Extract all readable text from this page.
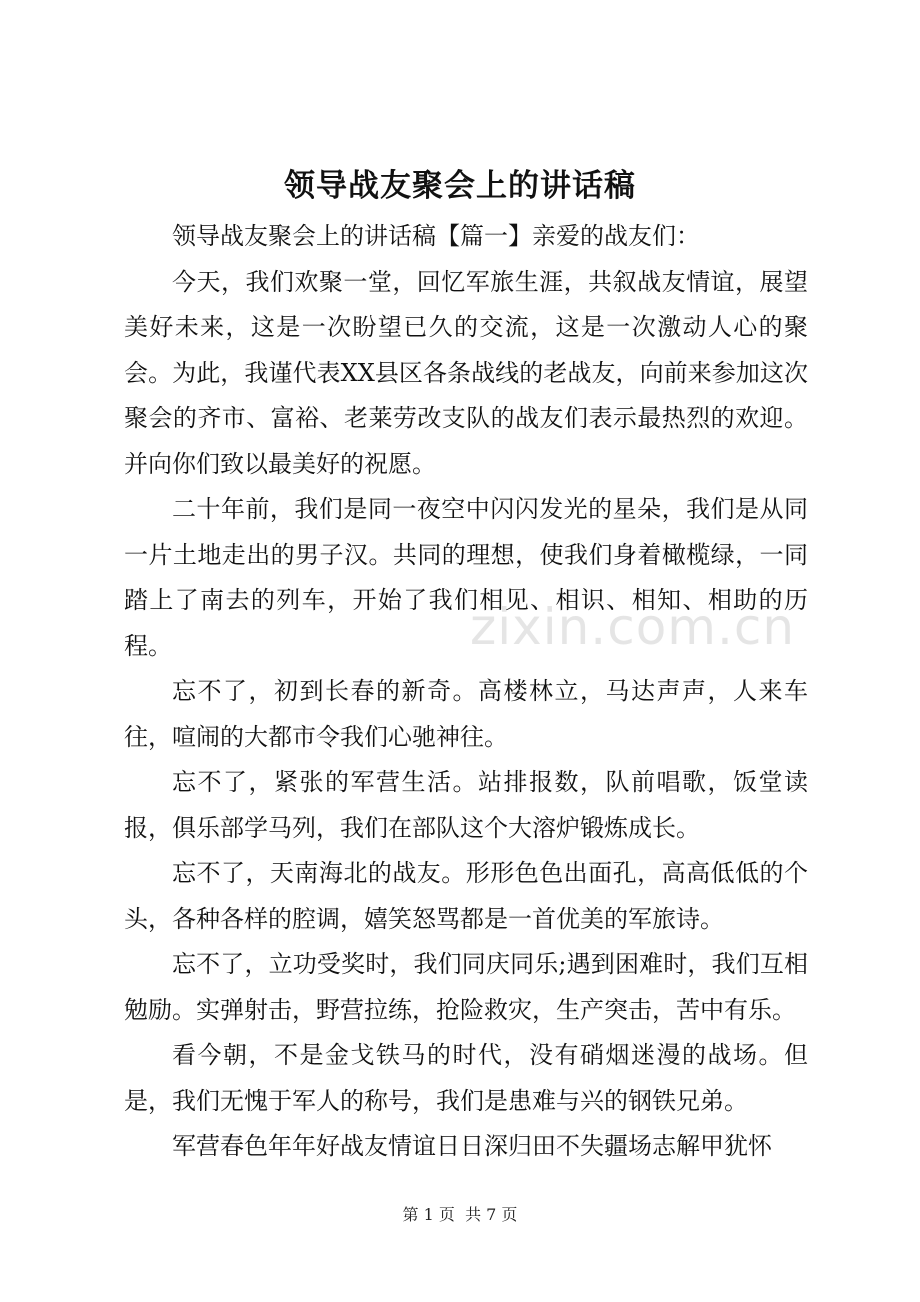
领导战友聚会上的讲话稿

领导战友聚会上的讲话稿【篇一】亲爱的战友们：

今天，我们欢聚一堂，回忆军旅生涯，共叙战友情谊，展望美好未来，这是一次盼望已久的交流，这是一次激动人心的聚会。为此，我谨代表XX县区各条战线的老战友，向前来参加这次聚会的齐市、富裕、老莱劳改支队的战友们表示最热烈的欢迎。并向你们致以最美好的祝愿。

二十年前，我们是同一夜空中闪闪发光的星朵，我们是从同一片土地走出的男子汉。共同的理想，使我们身着橄榄绿，一同踏上了南去的列车，开始了我们相见、相识、相知、相助的历程。

忘不了，初到长春的新奇。高楼林立，马达声声，人来车往，喧闹的大都市令我们心驰神往。

忘不了，紧张的军营生活。站排报数，队前唱歌，饭堂读报，俱乐部学马列，我们在部队这个大溶炉锻炼成长。

忘不了，天南海北的战友。形形色色出面孔，高高低低的个头，各种各样的腔调，嬉笑怒骂都是一首优美的军旅诗。

忘不了，立功受奖时，我们同庆同乐;遇到困难时，我们互相勉励。实弹射击，野营拉练，抢险救灾，生产突击，苦中有乐。

看今朝，不是金戈铁马的时代，没有硝烟迷漫的战场。但是，我们无愧于军人的称号，我们是患难与兴的钢铁兄弟。

军营春色年年好战友情谊日日深归田不失疆场志解甲犹怀

zixin.com.cn
第 1 页  共 7 页
